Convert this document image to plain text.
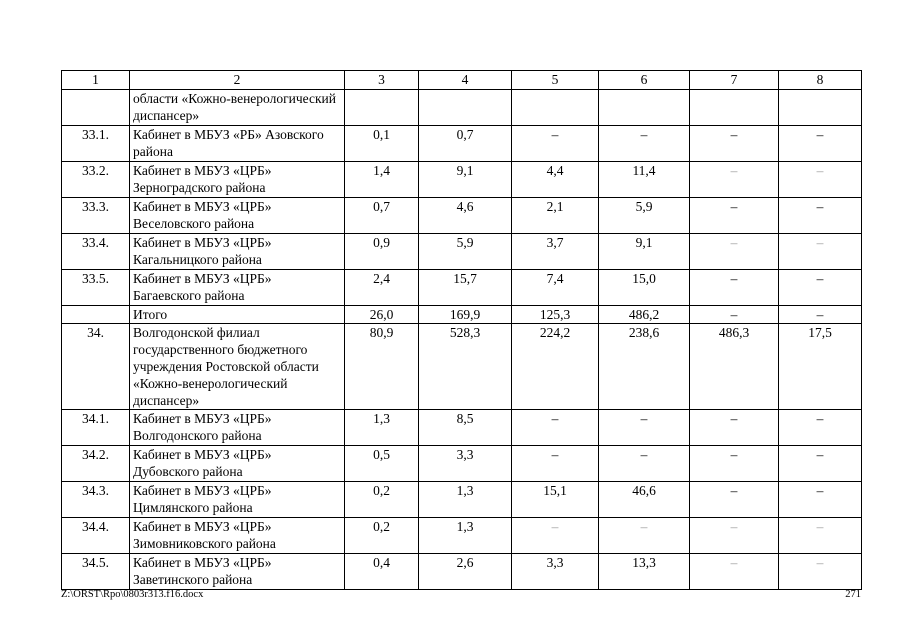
1	2	3	4	5	6	7	8
	области «Кожно-венерологический диспансер»						
33.1.	Кабинет в МБУЗ «РБ» Азовского района	0,1	0,7	–	–	–	–
33.2.	Кабинет в МБУЗ «ЦРБ» Зерноградского района	1,4	9,1	4,4	11,4	–	–
33.3.	Кабинет в МБУЗ «ЦРБ» Веселовского района	0,7	4,6	2,1	5,9	–	–
33.4.	Кабинет в МБУЗ «ЦРБ» Кагальницкого района	0,9	5,9	3,7	9,1	–	–
33.5.	Кабинет в МБУЗ «ЦРБ» Багаевского района	2,4	15,7	7,4	15,0	–	–
	Итого	26,0	169,9	125,3	486,2	–	–
34.	Волгодонской филиал государственного бюджетного учреждения Ростовской области «Кожно-венерологический диспансер»	80,9	528,3	224,2	238,6	486,3	17,5
34.1.	Кабинет в МБУЗ «ЦРБ» Волгодонского района	1,3	8,5	–	–	–	–
34.2.	Кабинет в МБУЗ «ЦРБ» Дубовского района	0,5	3,3	–	–	–	–
34.3.	Кабинет в МБУЗ «ЦРБ» Цимлянского района	0,2	1,3	15,1	46,6	–	–
34.4.	Кабинет в МБУЗ «ЦРБ» Зимовниковского района	0,2	1,3	–	–	–	–
34.5.	Кабинет в МБУЗ «ЦРБ» Заветинского района	0,4	2,6	3,3	13,3	–	–
Z:\ORST\Rpo\0803r313.f16.docx	271
